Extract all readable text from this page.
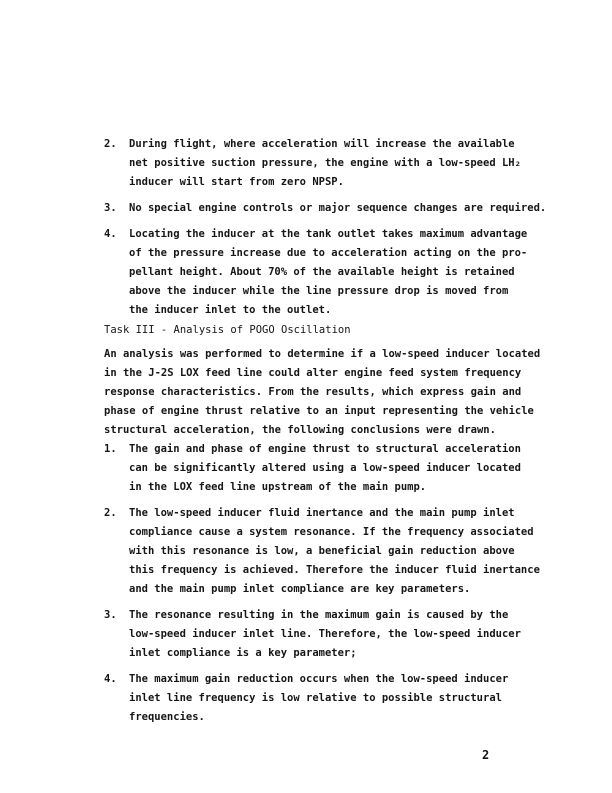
2. During flight, where acceleration will increase the available
net positive suction pressure, the engine with a low-speed LH₂
inducer will start from zero NPSP.
3. No special engine controls or major sequence changes are required.
4. Locating the inducer at the tank outlet takes maximum advantage
of the pressure increase due to acceleration acting on the pro-
pellant height. About 70% of the available height is retained
above the inducer while the line pressure drop is moved from
the inducer inlet to the outlet.
Task III - Analysis of POGO Oscillation
An analysis was performed to determine if a low-speed inducer located
in the J-2S LOX feed line could alter engine feed system frequency
response characteristics. From the results, which express gain and
phase of engine thrust relative to an input representing the vehicle
structural acceleration, the following conclusions were drawn.
1. The gain and phase of engine thrust to structural acceleration
can be significantly altered using a low-speed inducer located
in the LOX feed line upstream of the main pump.
2. The low-speed inducer fluid inertance and the main pump inlet
compliance cause a system resonance. If the frequency associated
with this resonance is low, a beneficial gain reduction above
this frequency is achieved. Therefore the inducer fluid inertance
and the main pump inlet compliance are key parameters.
3. The resonance resulting in the maximum gain is caused by the
low-speed inducer inlet line. Therefore, the low-speed inducer
inlet compliance is a key parameter;
4. The maximum gain reduction occurs when the low-speed inducer
inlet line frequency is low relative to possible structural
frequencies.
2
